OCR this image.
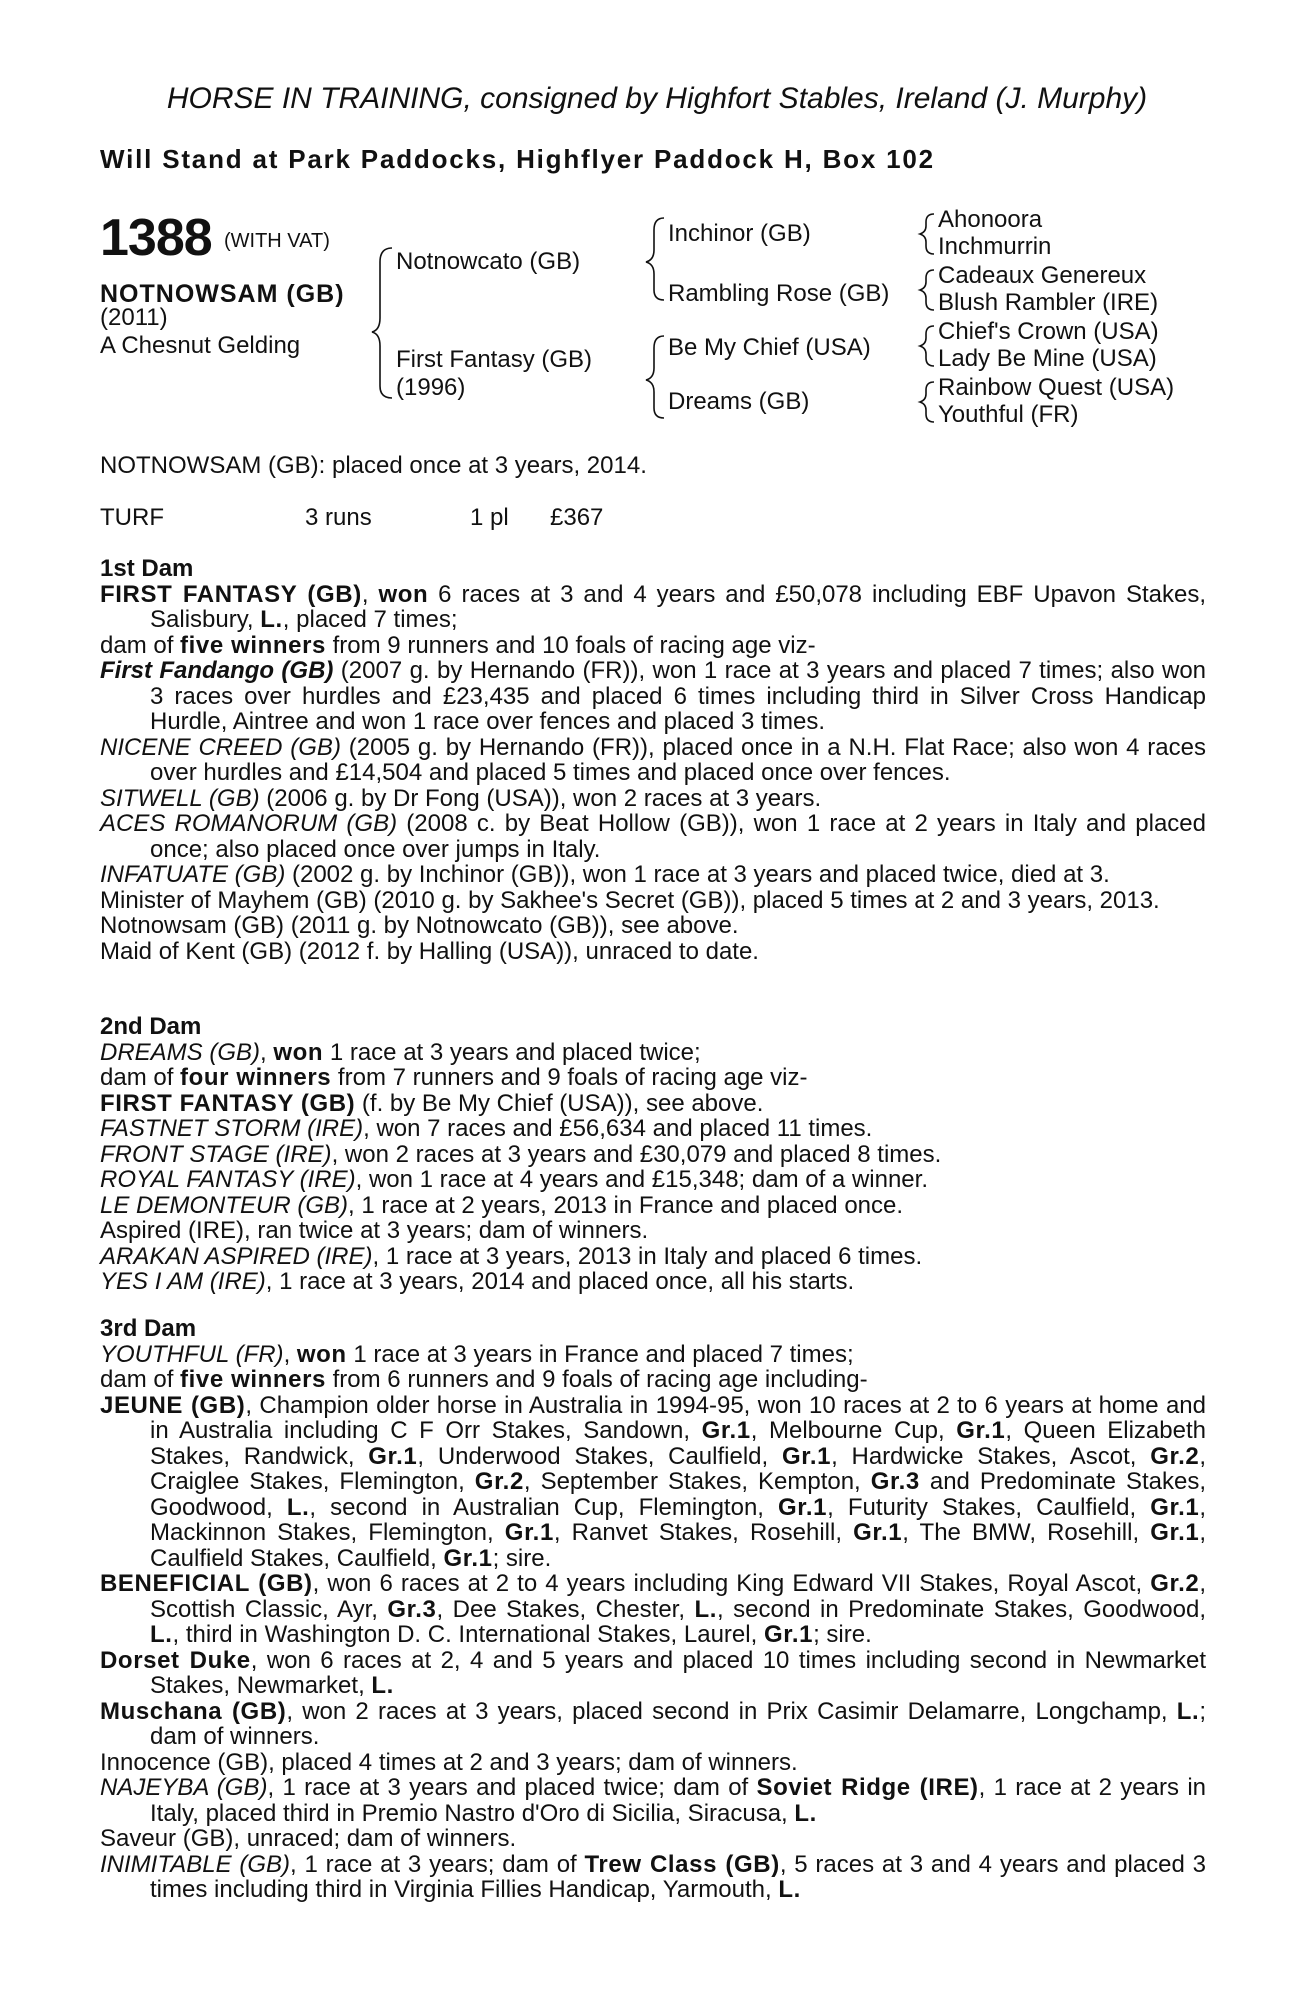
HORSE IN TRAINING, consigned by Highfort Stables, Ireland (J. Murphy)
Will Stand at Park Paddocks, Highflyer Paddock H, Box 102
1388 (WITH VAT)
NOTNOWSAM (GB)
(2011)
A Chesnut Gelding
Notnowcato (GB)
First Fantasy (GB)
(1996)
Inchinor (GB)
Rambling Rose (GB)
Be My Chief (USA)
Dreams (GB)
Ahonoora
Inchmurrin
Cadeaux Genereux
Blush Rambler (IRE)
Chief's Crown (USA)
Lady Be Mine (USA)
Rainbow Quest (USA)
Youthful (FR)
NOTNOWSAM (GB): placed once at 3 years, 2014.
TURF	3 runs	1 pl £367

1st Dam

FIRST FANTASY (GB), won 6 races at 3 and 4 years and £50,078 including EBF Upavon Stakes, Salisbury, L., placed 7 times;

dam of five winners from 9 runners and 10 foals of racing age viz-

First Fandango (GB) (2007 g. by Hernando (FR)), won 1 race at 3 years and placed 7 times; also won 3 races over hurdles and £23,435 and placed 6 times including third in Silver Cross Handicap Hurdle, Aintree and won 1 race over fences and placed 3 times.

NICENE CREED (GB) (2005 g. by Hernando (FR)), placed once in a N.H. Flat Race; also won 4 races over hurdles and £14,504 and placed 5 times and placed once over fences.

SITWELL (GB) (2006 g. by Dr Fong (USA)), won 2 races at 3 years.

ACES ROMANORUM (GB) (2008 c. by Beat Hollow (GB)), won 1 race at 2 years in Italy and placed once; also placed once over jumps in Italy.

INFATUATE (GB) (2002 g. by Inchinor (GB)), won 1 race at 3 years and placed twice, died at 3.

Minister of Mayhem (GB) (2010 g. by Sakhee's Secret (GB)), placed 5 times at 2 and 3 years, 2013.

Notnowsam (GB) (2011 g. by Notnowcato (GB)), see above.

Maid of Kent (GB) (2012 f. by Halling (USA)), unraced to date.

2nd Dam

DREAMS (GB), won 1 race at 3 years and placed twice;

dam of four winners from 7 runners and 9 foals of racing age viz-

FIRST FANTASY (GB) (f. by Be My Chief (USA)), see above.

FASTNET STORM (IRE), won 7 races and £56,634 and placed 11 times.

FRONT STAGE (IRE), won 2 races at 3 years and £30,079 and placed 8 times.

ROYAL FANTASY (IRE), won 1 race at 4 years and £15,348; dam of a winner.

LE DEMONTEUR (GB), 1 race at 2 years, 2013 in France and placed once.

Aspired (IRE), ran twice at 3 years; dam of winners.

ARAKAN ASPIRED (IRE), 1 race at 3 years, 2013 in Italy and placed 6 times.

YES I AM (IRE), 1 race at 3 years, 2014 and placed once, all his starts.

3rd Dam

YOUTHFUL (FR), won 1 race at 3 years in France and placed 7 times;

dam of five winners from 6 runners and 9 foals of racing age including-

JEUNE (GB), Champion older horse in Australia in 1994-95, won 10 races at 2 to 6 years at home and in Australia including C F Orr Stakes, Sandown, Gr.1, Melbourne Cup, Gr.1, Queen Elizabeth Stakes, Randwick, Gr.1, Underwood Stakes, Caulfield, Gr.1, Hardwicke Stakes, Ascot, Gr.2, Craiglee Stakes, Flemington, Gr.2, September Stakes, Kempton, Gr.3 and Predominate Stakes, Goodwood, L., second in Australian Cup, Flemington, Gr.1, Futurity Stakes, Caulfield, Gr.1, Mackinnon Stakes, Flemington, Gr.1, Ranvet Stakes, Rosehill, Gr.1, The BMW, Rosehill, Gr.1, Caulfield Stakes, Caulfield, Gr.1; sire.

BENEFICIAL (GB), won 6 races at 2 to 4 years including King Edward VII Stakes, Royal Ascot, Gr.2, Scottish Classic, Ayr, Gr.3, Dee Stakes, Chester, L., second in Predominate Stakes, Goodwood, L., third in Washington D. C. International Stakes, Laurel, Gr.1; sire.

Dorset Duke, won 6 races at 2, 4 and 5 years and placed 10 times including second in Newmarket Stakes, Newmarket, L.

Muschana (GB), won 2 races at 3 years, placed second in Prix Casimir Delamarre, Longchamp, L.; dam of winners.

Innocence (GB), placed 4 times at 2 and 3 years; dam of winners.

NAJEYBA (GB), 1 race at 3 years and placed twice; dam of Soviet Ridge (IRE), 1 race at 2 years in Italy, placed third in Premio Nastro d'Oro di Sicilia, Siracusa, L.

Saveur (GB), unraced; dam of winners.

INIMITABLE (GB), 1 race at 3 years; dam of Trew Class (GB), 5 races at 3 and 4 years and placed 3 times including third in Virginia Fillies Handicap, Yarmouth, L.
